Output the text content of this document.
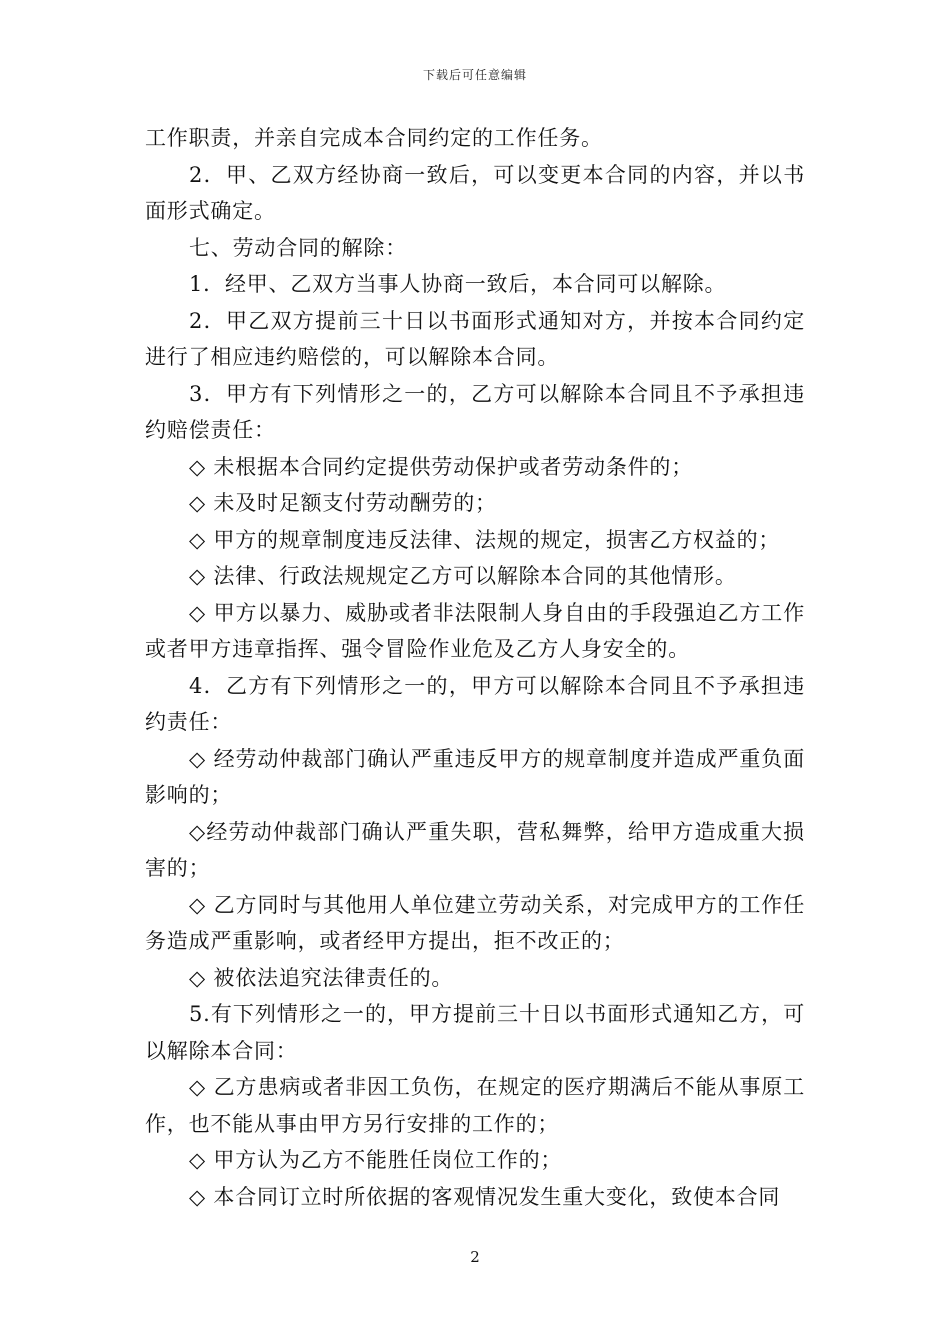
下载后可任意编辑

工作职责，并亲自完成本合同约定的工作任务。

2．甲、乙双方经协商一致后，可以变更本合同的内容，并以书面形式确定。

七、劳动合同的解除：

1．经甲、乙双方当事人协商一致后，本合同可以解除。

2．甲乙双方提前三十日以书面形式通知对方，并按本合同约定进行了相应违约赔偿的，可以解除本合同。

3．甲方有下列情形之一的，乙方可以解除本合同且不予承担违约赔偿责任：

◇ 未根据本合同约定提供劳动保护或者劳动条件的；

◇ 未及时足额支付劳动酬劳的；

◇ 甲方的规章制度违反法律、法规的规定，损害乙方权益的；

◇ 法律、行政法规规定乙方可以解除本合同的其他情形。

◇ 甲方以暴力、威胁或者非法限制人身自由的手段强迫乙方工作或者甲方违章指挥、强令冒险作业危及乙方人身安全的。

4．乙方有下列情形之一的，甲方可以解除本合同且不予承担违约责任：

◇ 经劳动仲裁部门确认严重违反甲方的规章制度并造成严重负面影响的；

◇经劳动仲裁部门确认严重失职，营私舞弊，给甲方造成重大损害的；

◇ 乙方同时与其他用人单位建立劳动关系，对完成甲方的工作任务造成严重影响，或者经甲方提出，拒不改正的；

◇ 被依法追究法律责任的。

5.有下列情形之一的，甲方提前三十日以书面形式通知乙方，可以解除本合同：

◇ 乙方患病或者非因工负伤，在规定的医疗期满后不能从事原工作，也不能从事由甲方另行安排的工作的；

◇ 甲方认为乙方不能胜任岗位工作的；

◇ 本合同订立时所依据的客观情况发生重大变化，致使本合同

2
